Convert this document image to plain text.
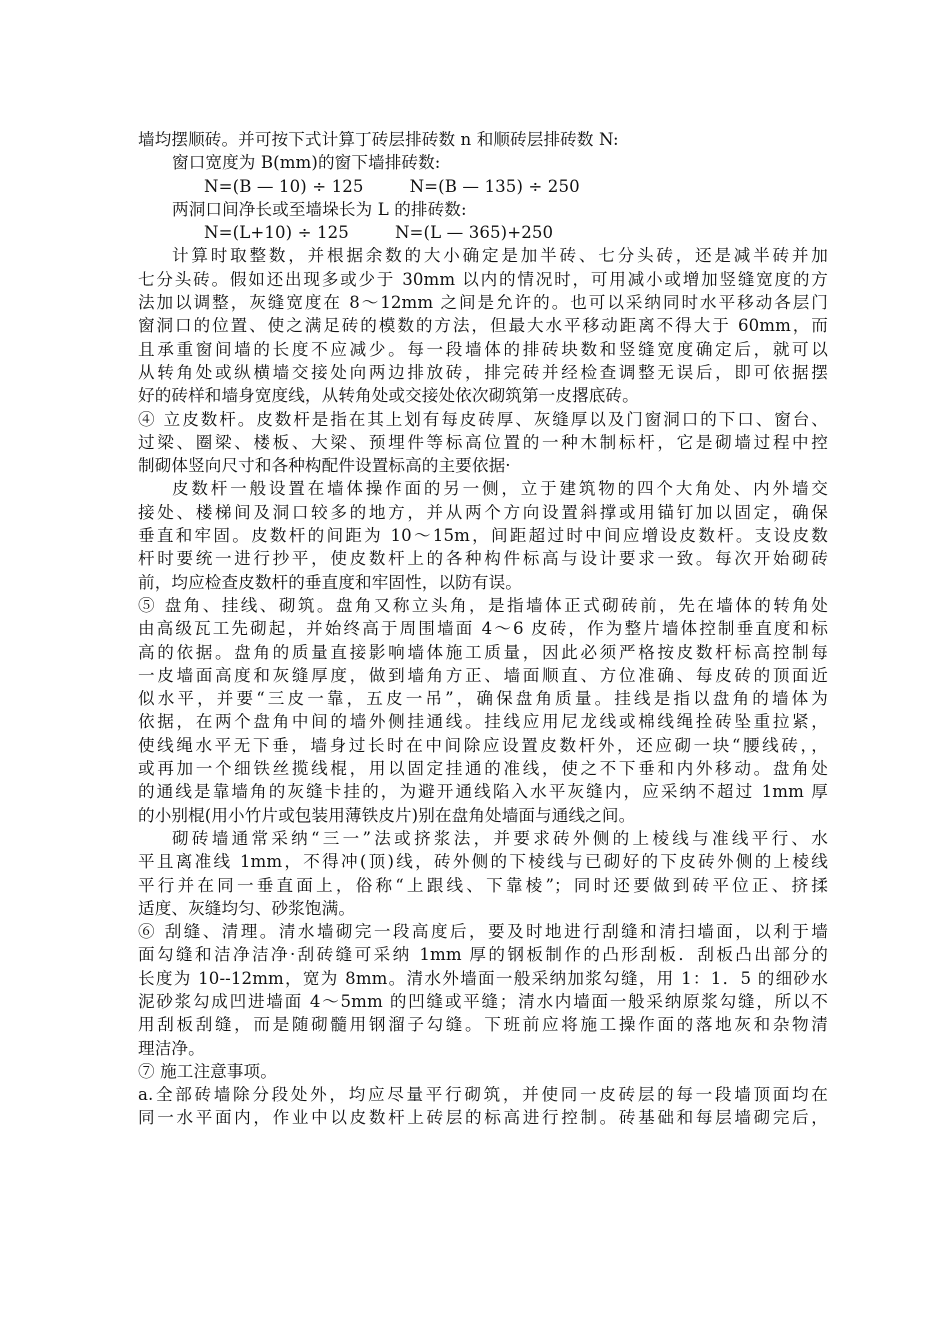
墙均摆顺砖。并可按下式计算丁砖层排砖数 n 和顺砖层排砖数 N:
窗口宽度为 B(mm)的窗下墙排砖数:
N=(B — 10) ÷ 125	N=(B — 135) ÷ 250
两洞口间净长或至墙垛长为 L 的排砖数:
N=(L+10) ÷ 125	N=(L — 365)+250
计算时取整数，并根据余数的大小确定是加半砖、七分头砖，还是减半砖并加
七分头砖。假如还出现多或少于 30mm 以内的情况时，可用减小或增加竖缝宽度的方
法加以调整，灰缝宽度在 8～12mm 之间是允许的。也可以采纳同时水平移动各层门
窗洞口的位置、使之满足砖的模数的方法，但最大水平移动距离不得大于 60mm，而
且承重窗间墙的长度不应减少。每一段墙体的排砖块数和竖缝宽度确定后，就可以
从转角处或纵横墙交接处向两边排放砖，排完砖并经检查调整无误后，即可依据摆
好的砖样和墙身宽度线，从转角处或交接处依次砌筑第一皮撂底砖。
④ 立皮数杆。皮数杆是指在其上划有每皮砖厚、灰缝厚以及门窗洞口的下口、窗台、
过梁、圈梁、楼板、大梁、预埋件等标高位置的一种木制标杆，它是砌墙过程中控
制砌体竖向尺寸和各种构配件设置标高的主要依据·
皮数杆一般设置在墙体操作面的另一侧，立于建筑物的四个大角处、内外墙交
接处、楼梯间及洞口较多的地方，并从两个方向设置斜撑或用锚钉加以固定，确保
垂直和牢固。皮数杆的间距为 10～15m，间距超过时中间应增设皮数杆。支设皮数
杆时要统一进行抄平，使皮数杆上的各种构件标高与设计要求一致。每次开始砌砖
前，均应检查皮数杆的垂直度和牢固性，以防有误。
⑤ 盘角、挂线、砌筑。盘角又称立头角，是指墙体正式砌砖前，先在墙体的转角处
由高级瓦工先砌起，并始终高于周围墙面 4～6 皮砖，作为整片墙体控制垂直度和标
高的依据。盘角的质量直接影响墙体施工质量，因此必须严格按皮数杆标高控制每
一皮墙面高度和灰缝厚度，做到墙角方正、墙面顺直、方位准确、每皮砖的顶面近
似水平，并要“三皮一靠，五皮一吊”，确保盘角质量。挂线是指以盘角的墙体为
依据，在两个盘角中间的墙外侧挂通线。挂线应用尼龙线或棉线绳拴砖坠重拉紧，
使线绳水平无下垂，墙身过长时在中间除应设置皮数杆外，还应砌一块“腰线砖，，
或再加一个细铁丝揽线棍，用以固定挂通的准线，使之不下垂和内外移动。盘角处
的通线是靠墙角的灰缝卡挂的，为避开通线陷入水平灰缝内，应采纳不超过 1mm 厚
的小别棍(用小竹片或包装用薄铁皮片)别在盘角处墙面与通线之间。
砌砖墙通常采纳“三一”法或挤浆法，并要求砖外侧的上棱线与准线平行、水
平且离准线 1mm，不得冲(顶)线，砖外侧的下棱线与已砌好的下皮砖外侧的上棱线
平行并在同一垂直面上，俗称“上跟线、下靠棱”；同时还要做到砖平位正、挤揉
适度、灰缝均匀、砂浆饱满。
⑥ 刮缝、清理。清水墙砌完一段高度后，要及时地进行刮缝和清扫墙面，以利于墙
面勾缝和洁净洁净·刮砖缝可采纳 1mm 厚的钢板制作的凸形刮板．刮板凸出部分的
长度为 10--12mm，宽为 8mm。清水外墙面一般采纳加浆勾缝，用 1：1．5 的细砂水
泥砂浆勾成凹进墙面 4～5mm 的凹缝或平缝；清水内墙面一般采纳原浆勾缝，所以不
用刮板刮缝，而是随砌髓用钢溜子勾缝。下班前应将施工操作面的落地灰和杂物清
理洁净。
⑦ 施工注意事项。
a.全部砖墙除分段处外，均应尽量平行砌筑，并使同一皮砖层的每一段墙顶面均在
同一水平面内，作业中以皮数杆上砖层的标高进行控制。砖基础和每层墙砌完后，
